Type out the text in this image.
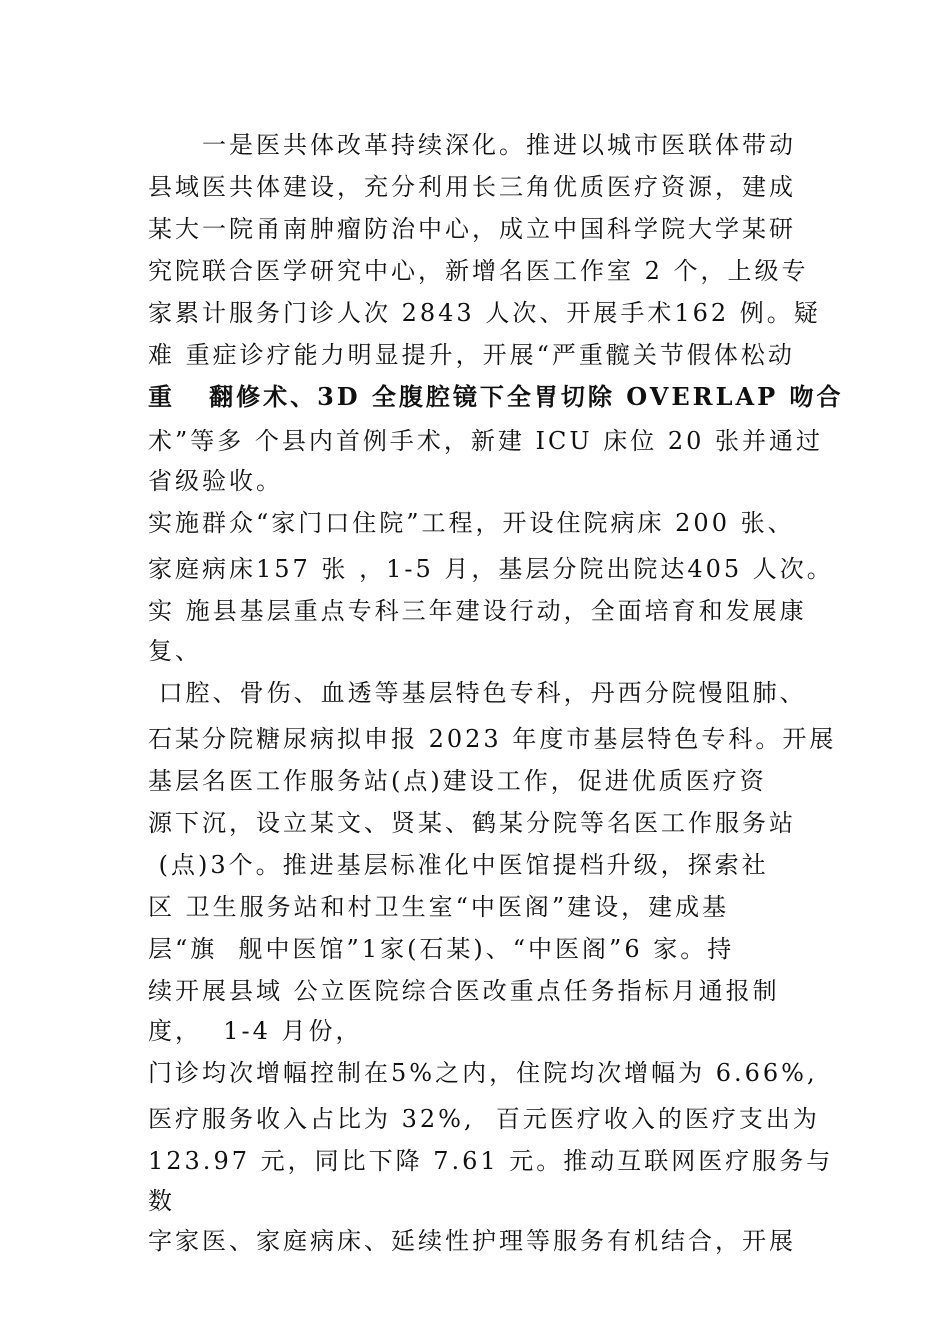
一是医共体改革持续深化。推进以城市医联体带动
县域医共体建设，充分利用长三角优质医疗资源，建成
某大一院甬南肿瘤防治中心，成立中国科学院大学某研
究院联合医学研究中心，新增名医工作室 2 个，上级专
家累计服务门诊人次 2843 人次、开展手术162 例。疑
难 重症诊疗能力明显提升，开展“严重髋关节假体松动
重   翻修术、3D 全腹腔镜下全胃切除 OVERLAP 吻合
术”等多 个县内首例手术，新建 ICU 床位 20 张并通过
省级验收。
实施群众“家门口住院”工程，开设住院病床 200 张、
家庭病床157 张 ，1-5 月，基层分院出院达405 人次。
实 施县基层重点专科三年建设行动，全面培育和发展康
复、
口腔、骨伤、血透等基层特色专科，丹西分院慢阻肺、
石某分院糖尿病拟申报 2023 年度市基层特色专科。开展
基层名医工作服务站(点)建设工作，促进优质医疗资
源下沉，设立某文、贤某、鹤某分院等名医工作服务站
(点)3个。推进基层标准化中医馆提档升级，探索社
区 卫生服务站和村卫生室“中医阁”建设，建成基
层“旗  舰中医馆”1家(石某)、“中医阁”6 家。持
续开展县域 公立医院综合医改重点任务指标月通报制
度，  1-4 月份，
门诊均次增幅控制在5%之内，住院均次增幅为 6.66%,
医疗服务收入占比为 32%,  百元医疗收入的医疗支出为
123.97 元，同比下降 7.61 元。推动互联网医疗服务与
数
字家医、家庭病床、延续性护理等服务有机结合，开展
